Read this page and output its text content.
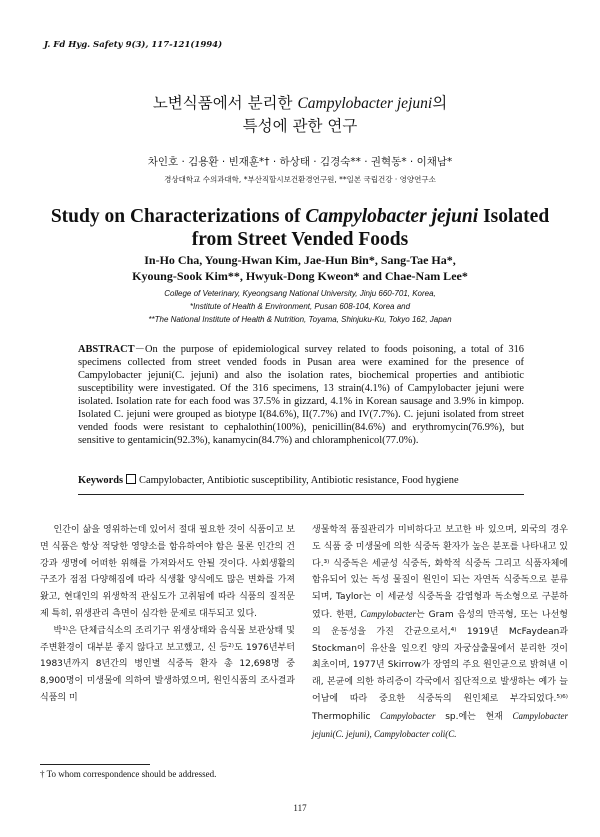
J. Fd Hyg. Safety 9(3), 117-121(1994)
노변식품에서 분리한 Campylobacter jejuni의
특성에 관한 연구
차인호 · 김용환 · 빈재훈*† · 하상태 · 김경숙** · 권혁동* · 이채남*
경상대학교 수의과대학, *부산직할시보건환경연구원, **일본 국립건강 · 영양연구소
Study on Characterizations of Campylobacter jejuni Isolated
from Street Vended Foods
In-Ho Cha, Young-Hwan Kim, Jae-Hun Bin*, Sang-Tae Ha*,
Kyoung-Sook Kim**, Hwyuk-Dong Kweon* and Chae-Nam Lee*
College of Veterinary, Kyeongsang National University, Jinju 660-701, Korea,
*Institute of Health & Environment, Pusan 608-104, Korea and
**The National Institute of Health & Nutrition, Toyama, Shinjuku-Ku, Tokyo 162, Japan
ABSTRACT－On the purpose of epidemiological survey related to foods poisoning, a total of 316 specimens collected from street vended foods in Pusan area were examined for the presence of Campylobacter jejuni(C. jejuni) and also the isolation rates, biochemical properties and antibiotic susceptibility were investigated. Of the 316 specimens, 13 strain(4.1%) of Campylobacter jejuni were isolated. Isolation rate for each food was 37.5% in gizzard, 4.1% in Korean sausage and 3.9% in kimpop. Isolated C. jejuni were grouped as biotype I(84.6%), II(7.7%) and IV(7.7%). C. jejuni isolated from street vended foods were resistant to cephalothin(100%), penicillin(84.6%) and erythromycin(76.9%), but sensitive to gentamicin(92.3%), kanamycin(84.7%) and chloramphenicol(77.0%).
Keywords Campylobacter, Antibiotic susceptibility, Antibiotic resistance, Food hygiene

인간이 삶을 영위하는데 있어서 절대 필요한 것이 식품이고 보면 식품은 항상 적당한 영양소를 함유하여야 함은 물론 인간의 건강과 생명에 어떠한 위해를 가져와서도 안될 것이다. 사회생활의 구조가 점점 다양해짐에 따라 식생활 양식에도 많은 변화를 가져왔고, 현대인의 위생학적 관심도가 고취됨에 따라 식품의 질적문제 특히, 위생관리 측면이 심각한 문제로 대두되고 있다.

박¹⁾은 단체급식소의 조리기구 위생상태와 음식물 보관상태 및 주변환경이 대부분 좋지 않다고 보고했고, 신 등²⁾도 1976년부터 1983년까지 8년간의 병인별 식중독 환자 총 12,698명 중 8,900명이 미생물에 의하여 발생하였으며, 원인식품의 조사결과 식품의 미

생물학적 품질관리가 미비하다고 보고한 바 있으며, 외국의 경우도 식품 중 미생물에 의한 식중독 환자가 높은 분포를 나타내고 있다.³⁾ 식중독은 세균성 식중독, 화학적 식중독 그리고 식품자체에 함유되어 있는 독성 물질이 원인이 되는 자연독 식중독으로 분류되며, Taylor는 이 세균성 식중독을 감염형과 독소형으로 구분하였다. 한편, Campylobacter는 Gram 음성의 만곡형, 또는 나선형의 운동성을 가진 간균으로서,⁴⁾ 1919년 McFaydean과 Stockman이 유산을 일으킨 양의 자궁삼출물에서 분리한 것이 최초이며, 1977년 Skirrow가 장염의 주요 원인균으로 밝혀낸 이래, 본균에 의한 하리증이 각국에서 집단적으로 발생하는 예가 늘어남에 따라 중요한 식중독의 원인체로 부각되었다.⁵⁾⁶⁾ Thermophilic Campylobacter sp.에는 현재 Campylobacter jejuni(C. jejuni), Campylobacter coli(C.

† To whom correspondence should be addressed.
117
